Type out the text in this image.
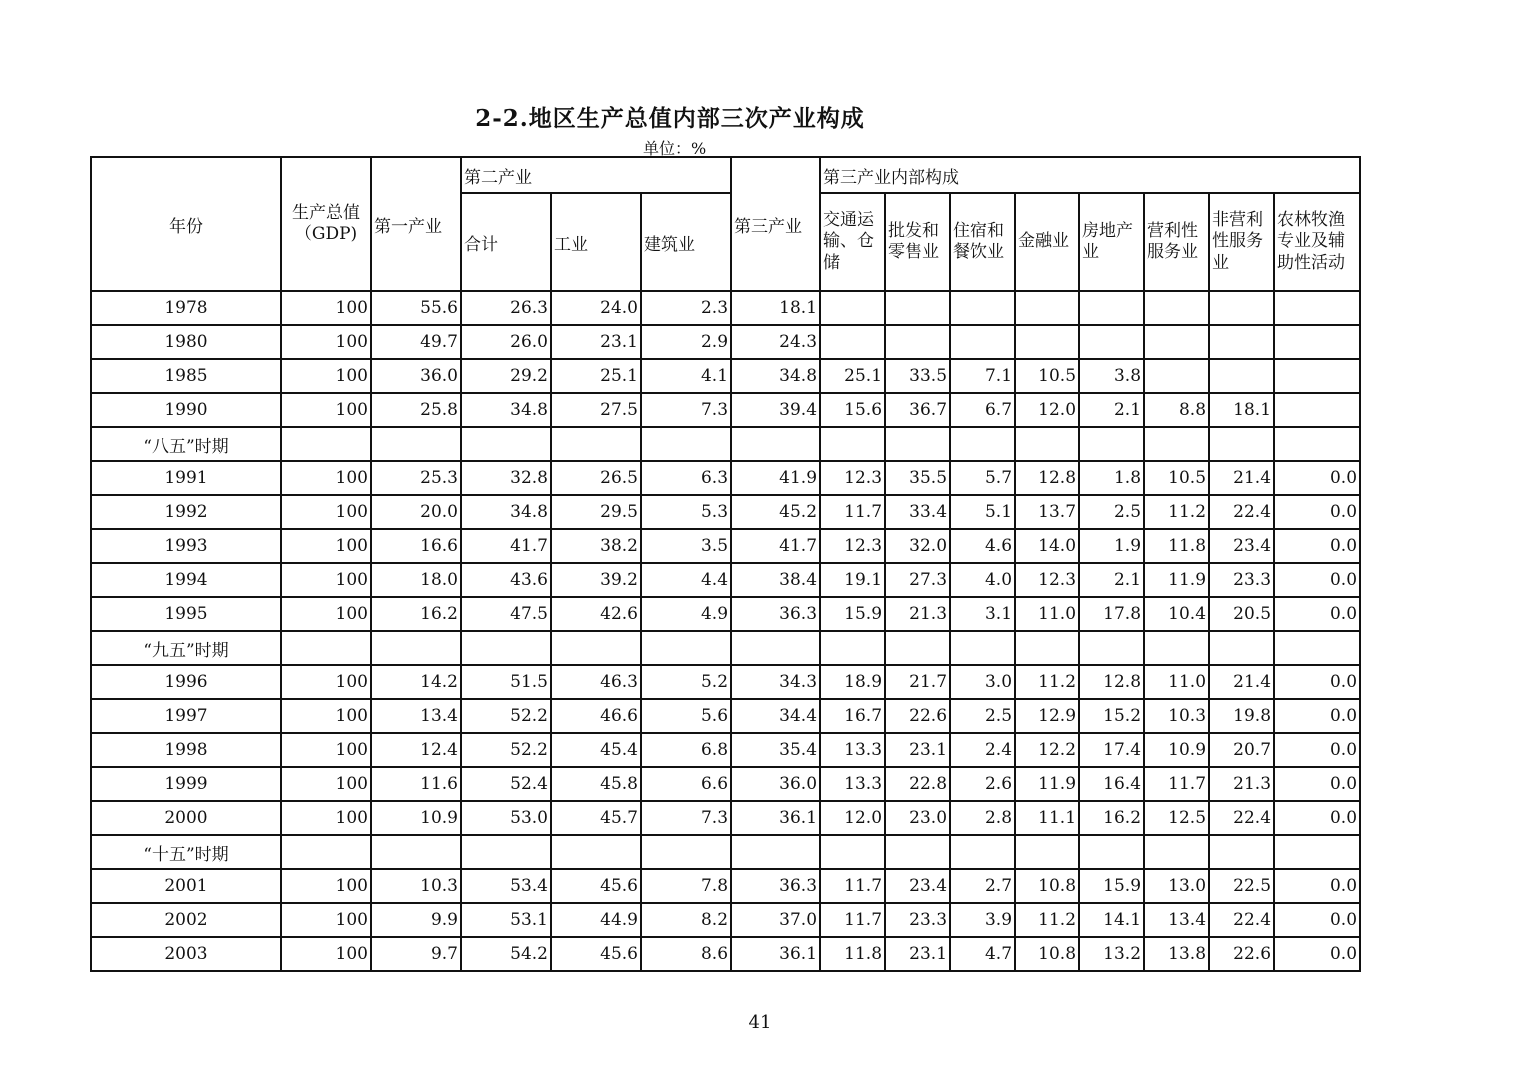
2-2.地区生产总值内部三次产业构成
单位：%
年份	生产总值（GDP)	第一产业	第二产业			第三产业	第三产业内部构成							
			合计	工业	建筑业		交通运输、仓储	批发和零售业	住宿和餐饮业	金融业	房地产业	营利性服务业	非营利性服务业	农林牧渔专业及辅助性活动
1978	100	55.6	26.3	24.0	2.3	18.1								
1980	100	49.7	26.0	23.1	2.9	24.3								
1985	100	36.0	29.2	25.1	4.1	34.8	25.1	33.5	7.1	10.5	3.8			
1990	100	25.8	34.8	27.5	7.3	39.4	15.6	36.7	6.7	12.0	2.1	8.8	18.1	
“八五”时期														
1991	100	25.3	32.8	26.5	6.3	41.9	12.3	35.5	5.7	12.8	1.8	10.5	21.4	0.0
1992	100	20.0	34.8	29.5	5.3	45.2	11.7	33.4	5.1	13.7	2.5	11.2	22.4	0.0
1993	100	16.6	41.7	38.2	3.5	41.7	12.3	32.0	4.6	14.0	1.9	11.8	23.4	0.0
1994	100	18.0	43.6	39.2	4.4	38.4	19.1	27.3	4.0	12.3	2.1	11.9	23.3	0.0
1995	100	16.2	47.5	42.6	4.9	36.3	15.9	21.3	3.1	11.0	17.8	10.4	20.5	0.0
“九五”时期														
1996	100	14.2	51.5	46.3	5.2	34.3	18.9	21.7	3.0	11.2	12.8	11.0	21.4	0.0
1997	100	13.4	52.2	46.6	5.6	34.4	16.7	22.6	2.5	12.9	15.2	10.3	19.8	0.0
1998	100	12.4	52.2	45.4	6.8	35.4	13.3	23.1	2.4	12.2	17.4	10.9	20.7	0.0
1999	100	11.6	52.4	45.8	6.6	36.0	13.3	22.8	2.6	11.9	16.4	11.7	21.3	0.0
2000	100	10.9	53.0	45.7	7.3	36.1	12.0	23.0	2.8	11.1	16.2	12.5	22.4	0.0
“十五”时期														
2001	100	10.3	53.4	45.6	7.8	36.3	11.7	23.4	2.7	10.8	15.9	13.0	22.5	0.0
2002	100	9.9	53.1	44.9	8.2	37.0	11.7	23.3	3.9	11.2	14.1	13.4	22.4	0.0
2003	100	9.7	54.2	45.6	8.6	36.1	11.8	23.1	4.7	10.8	13.2	13.8	22.6	0.0
41
